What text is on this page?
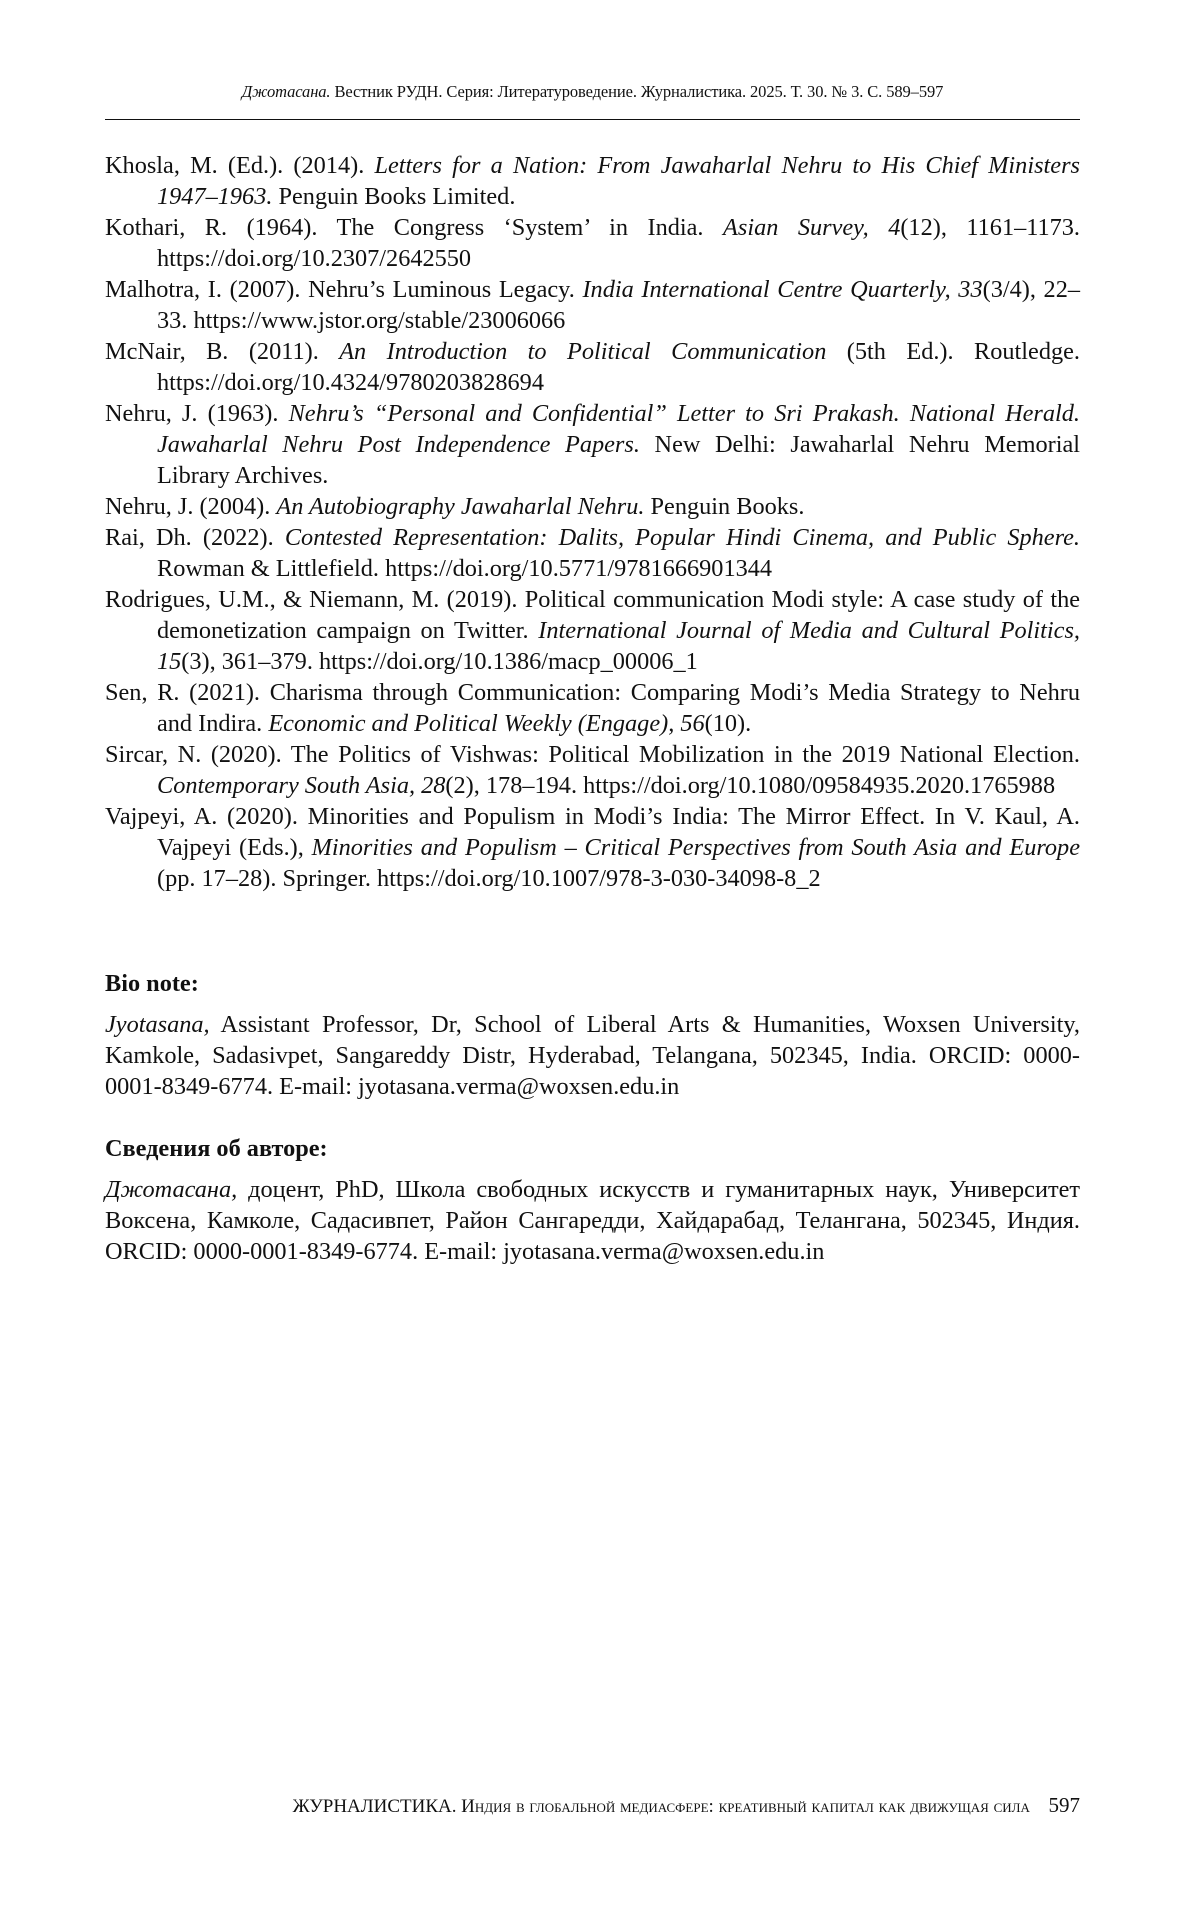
Джотасана. Вестник РУДН. Серия: Литературоведение. Журналистика. 2025. Т. 30. № 3. С. 589–597

Khosla, M. (Ed.). (2014). Letters for a Nation: From Jawaharlal Nehru to His Chief Ministers 1947–1963. Penguin Books Limited.

Kothari, R. (1964). The Congress ‘System’ in India. Asian Survey, 4(12), 1161–1173. https://doi.org/10.2307/2642550

Malhotra, I. (2007). Nehru’s Luminous Legacy. India International Centre Quarterly, 33(3/4), 22–33. https://www.jstor.org/stable/23006066

McNair, B. (2011). An Introduction to Political Communication (5th Ed.). Routledge. https://doi.org/10.4324/9780203828694

Nehru, J. (1963). Nehru’s “Personal and Confidential” Letter to Sri Prakash. National Herald. Jawaharlal Nehru Post Independence Papers. New Delhi: Jawaharlal Nehru Memorial Library Archives.

Nehru, J. (2004). An Autobiography Jawaharlal Nehru. Penguin Books.

Rai, Dh. (2022). Contested Representation: Dalits, Popular Hindi Cinema, and Public Sphere. Rowman & Littlefield. https://doi.org/10.5771/9781666901344

Rodrigues, U.M., & Niemann, M. (2019). Political communication Modi style: A case study of the demonetization campaign on Twitter. International Journal of Media and Cultural Politics, 15(3), 361–379. https://doi.org/10.1386/macp_00006_1

Sen, R. (2021). Charisma through Communication: Comparing Modi’s Media Strategy to Nehru and Indira. Economic and Political Weekly (Engage), 56(10).

Sircar, N. (2020). The Politics of Vishwas: Political Mobilization in the 2019 National Election. Contemporary South Asia, 28(2), 178–194. https://doi.org/10.1080/09584935.2020.1765988

Vajpeyi, A. (2020). Minorities and Populism in Modi’s India: The Mirror Effect. In V. Kaul, A. Vajpeyi (Eds.), Minorities and Populism – Critical Perspectives from South Asia and Europe (pp. 17–28). Springer. https://doi.org/10.1007/978-3-030-34098-8_2

Bio note:

Jyotasana, Assistant Professor, Dr, School of Liberal Arts & Humanities, Woxsen University, Kamkole, Sadasivpet, Sangareddy Distr, Hyderabad, Telangana, 502345, India. ORCID: 0000-0001-8349-6774. E-mail: jyotasana.verma@woxsen.edu.in

Сведения об авторе:

Джотасана, доцент, PhD, Школа свободных искусств и гуманитарных наук, Университет Воксена, Камколе, Садасивпет, Район Сангаредди, Хайдарабад, Телангана, 502345, Индия. ORCID: 0000-0001-8349-6774. E-mail: jyotasana.verma@woxsen.edu.in

ЖУРНАЛИСТИКА. Индия в глобальной медиасфере: креативный капитал как движущая сила 597
